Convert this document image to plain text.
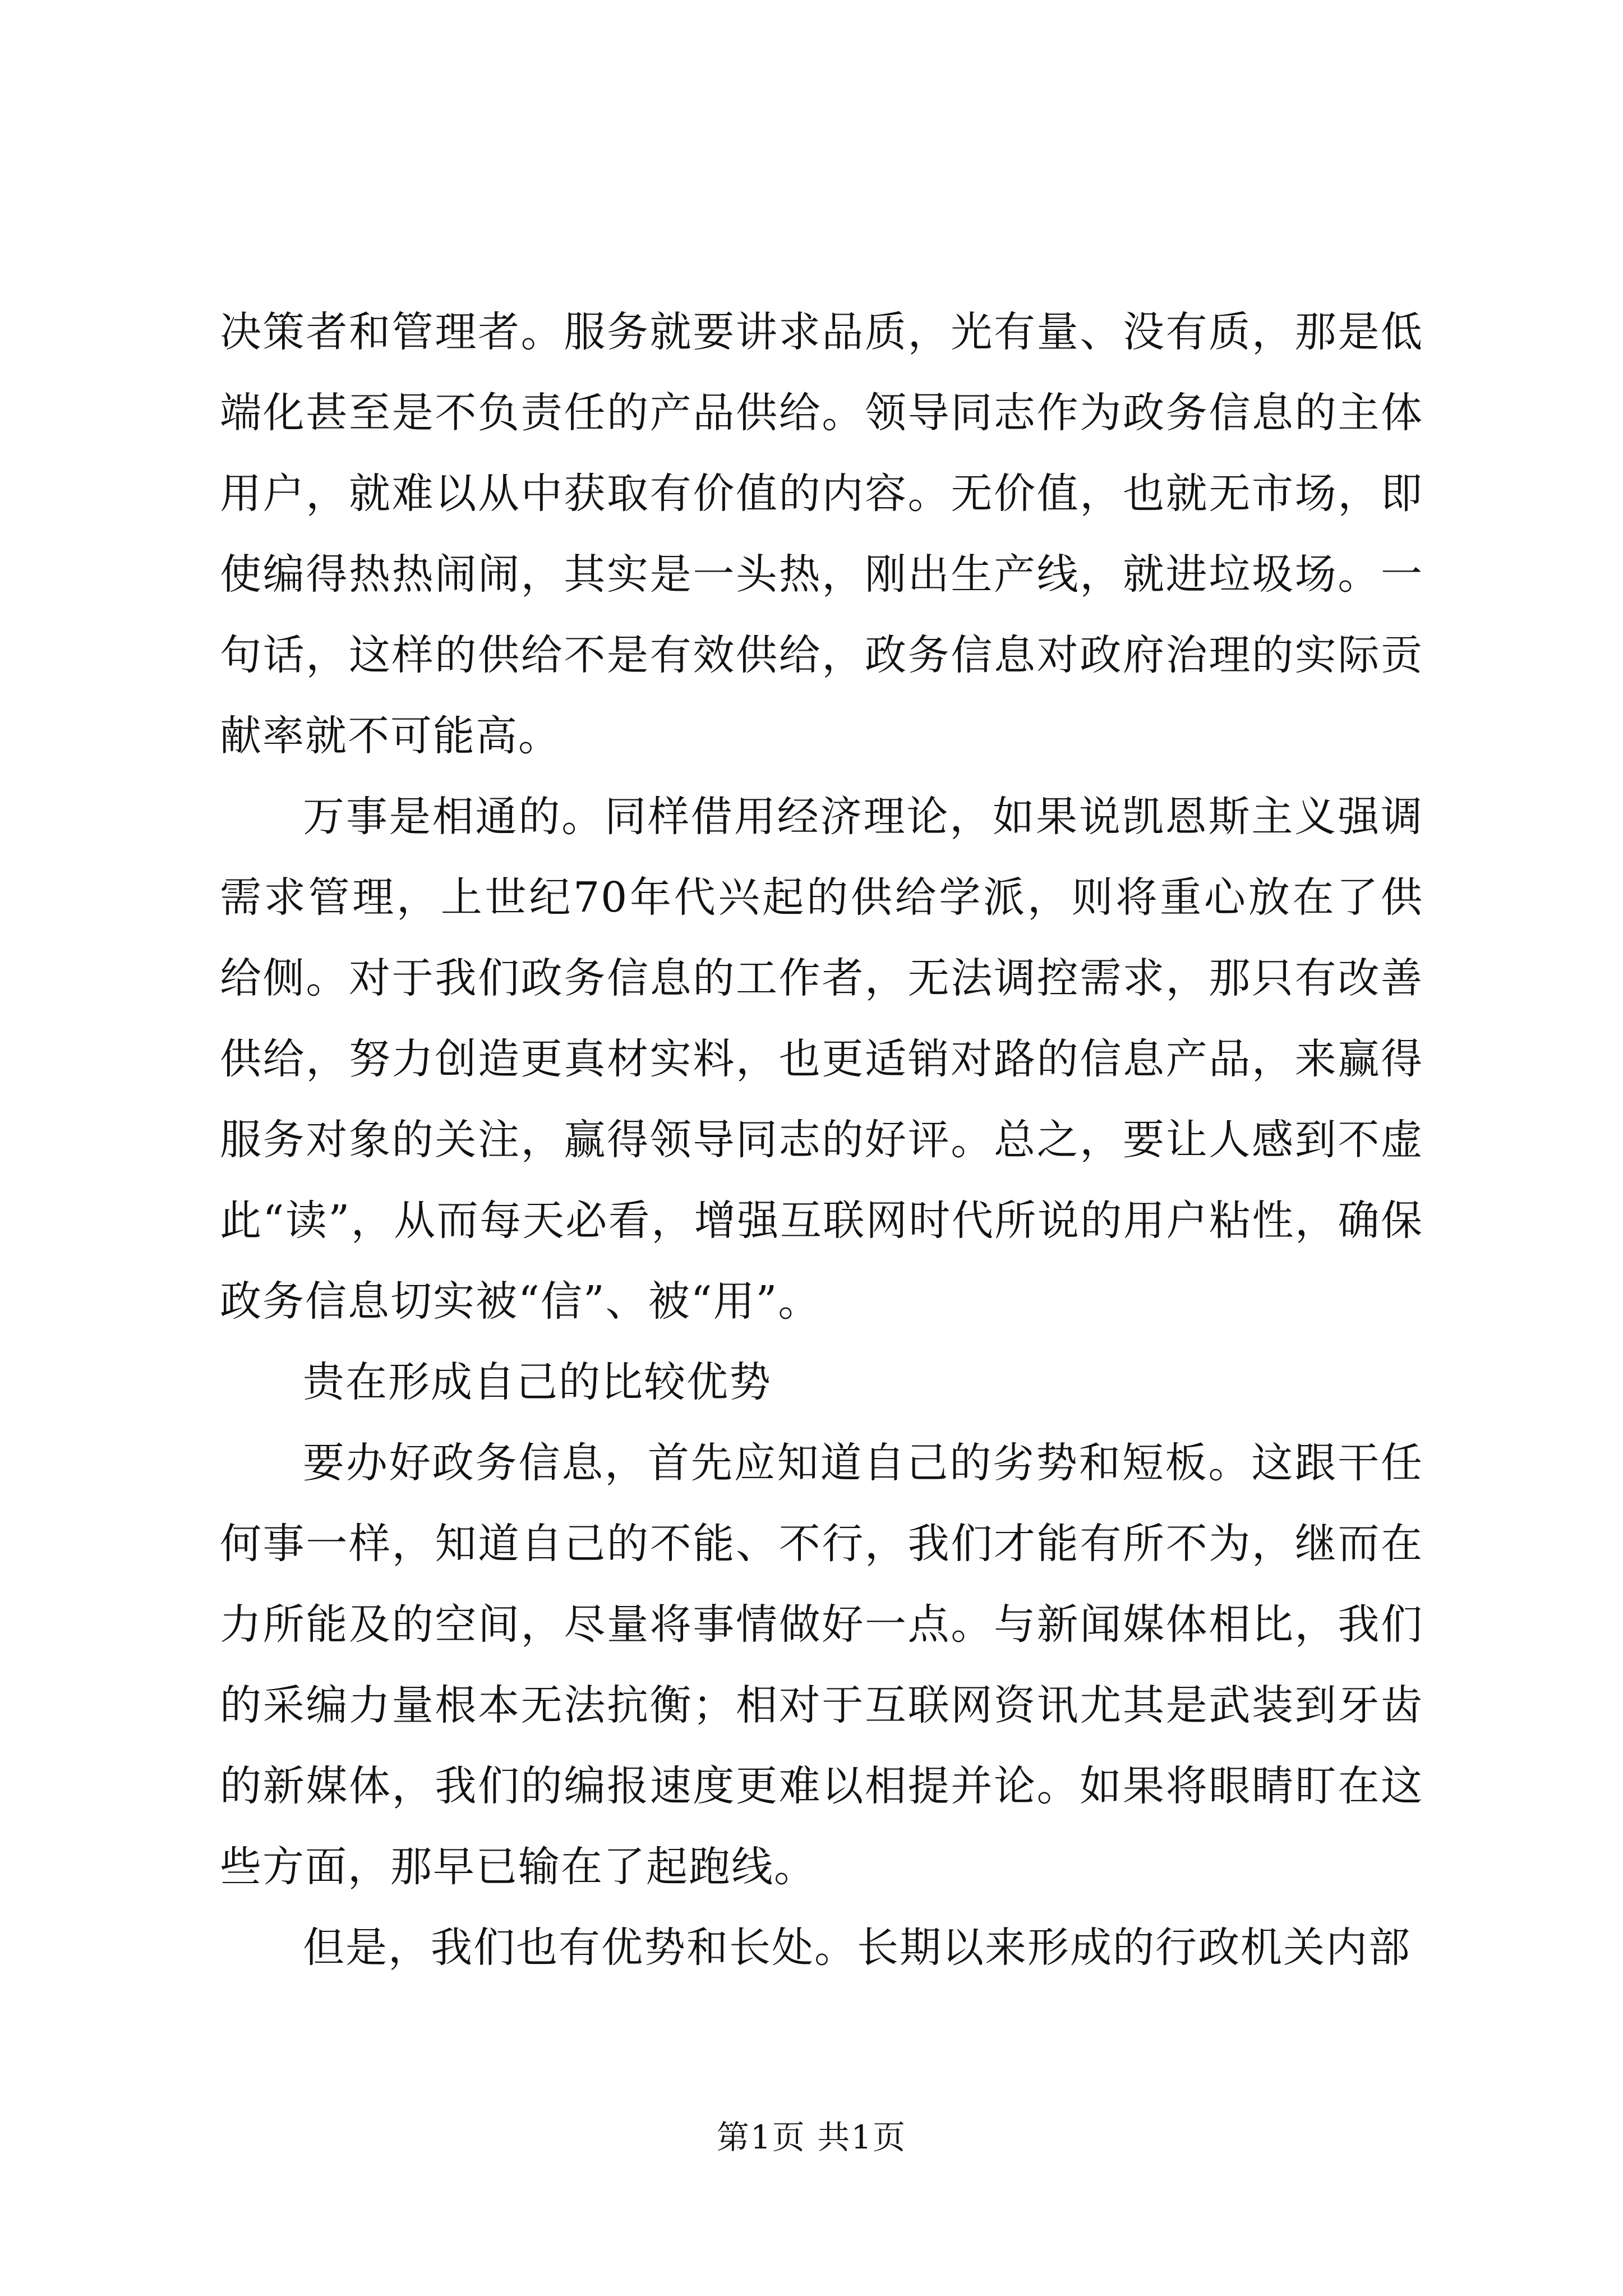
决策者和管理者。服务就要讲求品质，光有量、没有质，那是低端化甚至是不负责任的产品供给。领导同志作为政务信息的主体用户，就难以从中获取有价值的内容。无价值，也就无市场，即使编得热热闹闹，其实是一头热，刚出生产线，就进垃圾场。一句话，这样的供给不是有效供给，政务信息对政府治理的实际贡献率就不可能高。

万事是相通的。同样借用经济理论，如果说凯恩斯主义强调需求管理，上世纪70年代兴起的供给学派，则将重心放在了供给侧。对于我们政务信息的工作者，无法调控需求，那只有改善供给，努力创造更真材实料，也更适销对路的信息产品，来赢得服务对象的关注，赢得领导同志的好评。总之，要让人感到不虚此“读”，从而每天必看，增强互联网时代所说的用户粘性，确保政务信息切实被“信”、被“用”。

贵在形成自己的比较优势

要办好政务信息，首先应知道自己的劣势和短板。这跟干任何事一样，知道自己的不能、不行，我们才能有所不为，继而在力所能及的空间，尽量将事情做好一点。与新闻媒体相比，我们的采编力量根本无法抗衡；相对于互联网资讯尤其是武装到牙齿的新媒体，我们的编报速度更难以相提并论。如果将眼睛盯在这些方面，那早已输在了起跑线。

但是，我们也有优势和长处。长期以来形成的行政机关内部

第1页 共1页
